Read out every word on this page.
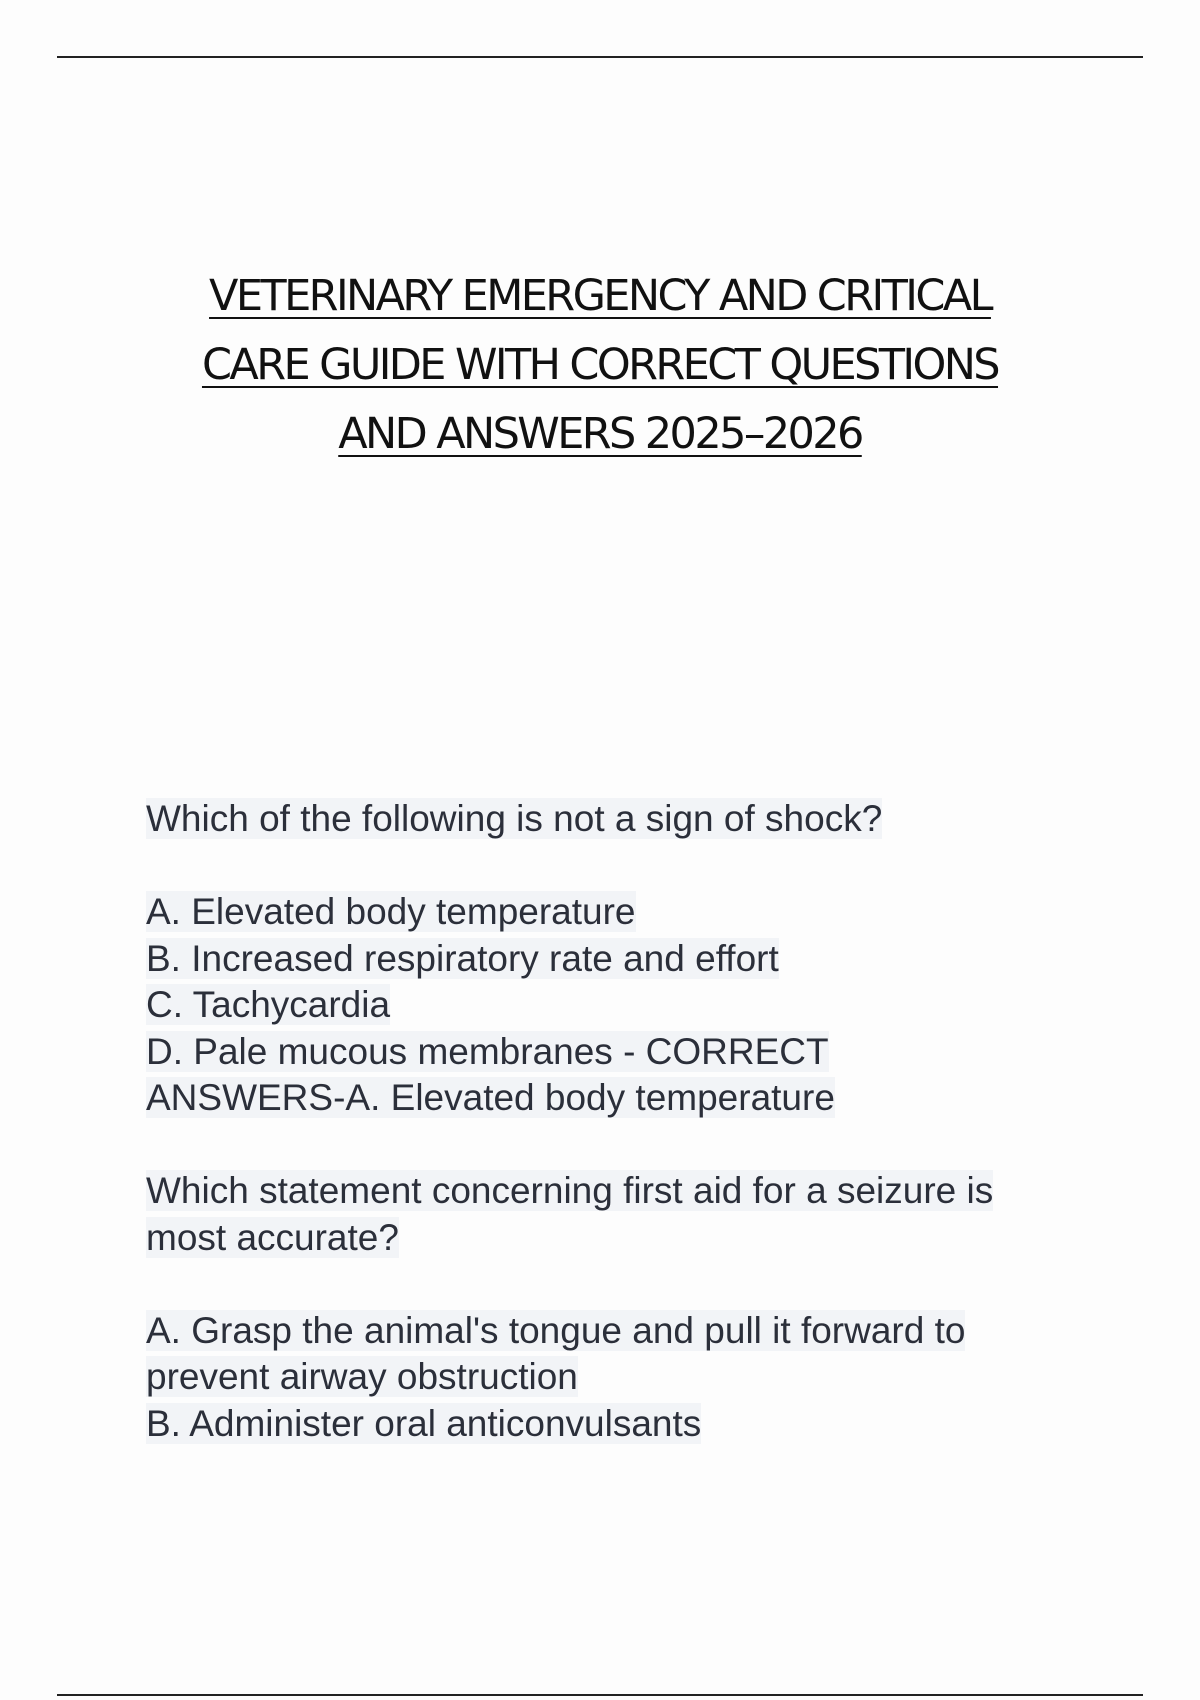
VETERINARY EMERGENCY AND CRITICAL
CARE GUIDE WITH CORRECT QUESTIONS
AND ANSWERS 2025–2026
Which of the following is not a sign of shock?
A. Elevated body temperature
B. Increased respiratory rate and effort
C. Tachycardia
D. Pale mucous membranes - CORRECT
ANSWERS-A. Elevated body temperature
Which statement concerning first aid for a seizure is
most accurate?
A. Grasp the animal's tongue and pull it forward to
prevent airway obstruction
B. Administer oral anticonvulsants
